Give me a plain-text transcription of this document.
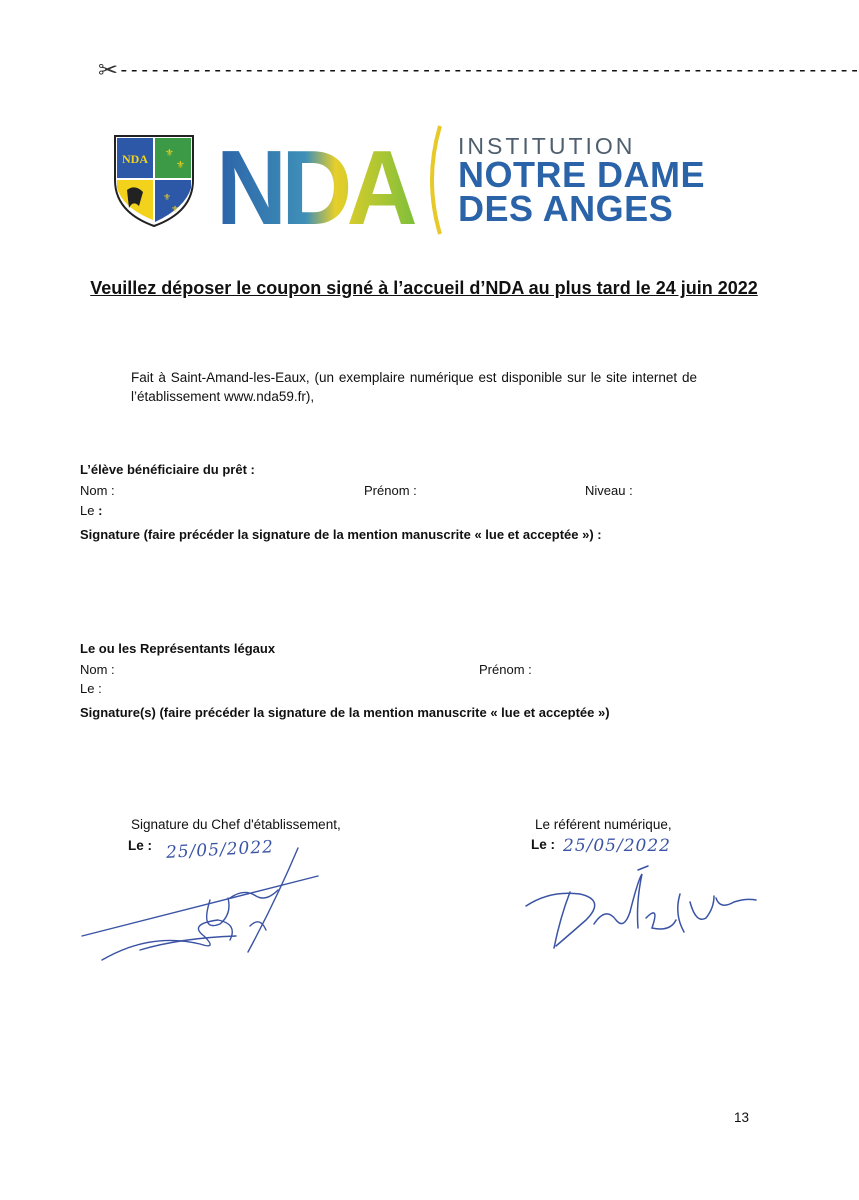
✂-----------------------------------------------------------------------
NDA ⚜
⚜
⚜
⚜ NDA INSTITUTION
NOTRE DAME
DES ANGES
Veuillez déposer le coupon signé à l’accueil d’NDA au plus tard le 24 juin 2022
Fait à Saint-Amand-les-Eaux, (un exemplaire numérique est disponible sur le site internet de l’établissement www.nda59.fr),
L’élève bénéficiaire du prêt :
Nom :	Prénom :	Niveau :
Le :
Signature (faire précéder la signature de la mention manuscrite « lue et acceptée ») :
Le ou les Représentants légaux
Nom :	Prénom :
Le :
Signature(s) (faire précéder la signature de la mention manuscrite « lue et acceptée »)
Signature du Chef d'établissement,
Le : 25/05/2022
Le référent numérique,
Le : 25/05/2022
13
